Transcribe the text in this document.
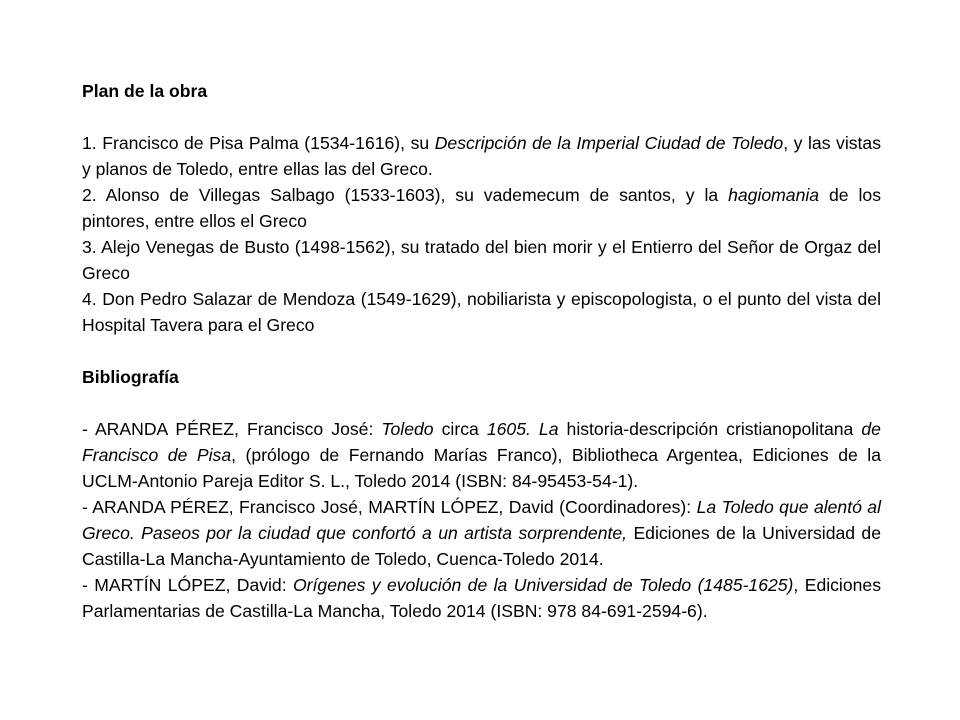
Plan de la obra

1. Francisco de Pisa Palma (1534-1616), su Descripción de la Imperial Ciudad de Toledo, y las vistas y planos de Toledo, entre ellas las del Greco.

2. Alonso de Villegas Salbago (1533-1603), su vademecum de santos, y la hagiomania de los pintores, entre ellos el Greco

3. Alejo Venegas de Busto (1498-1562), su tratado del bien morir y el Entierro del Señor de Orgaz del Greco

4. Don Pedro Salazar de Mendoza (1549-1629), nobiliarista y episcopologista, o el punto del vista del Hospital Tavera para el Greco

Bibliografía

- ARANDA PÉREZ, Francisco José: Toledo circa 1605. La historia-descripción cristianopolitana de Francisco de Pisa, (prólogo de Fernando Marías Franco), Bibliotheca Argentea, Ediciones de la UCLM-Antonio Pareja Editor S. L., Toledo 2014 (ISBN: 84-95453-54-1).

- ARANDA PÉREZ, Francisco José, MARTÍN LÓPEZ, David (Coordinadores): La Toledo que alentó al Greco. Paseos por la ciudad que confortó a un artista sorprendente, Ediciones de la Universidad de Castilla-La Mancha-Ayuntamiento de Toledo, Cuenca-Toledo 2014.

- MARTÍN LÓPEZ, David: Orígenes y evolución de la Universidad de Toledo (1485-1625), Ediciones Parlamentarias de Castilla-La Mancha, Toledo 2014 (ISBN: 978 84-691-2594-6).
